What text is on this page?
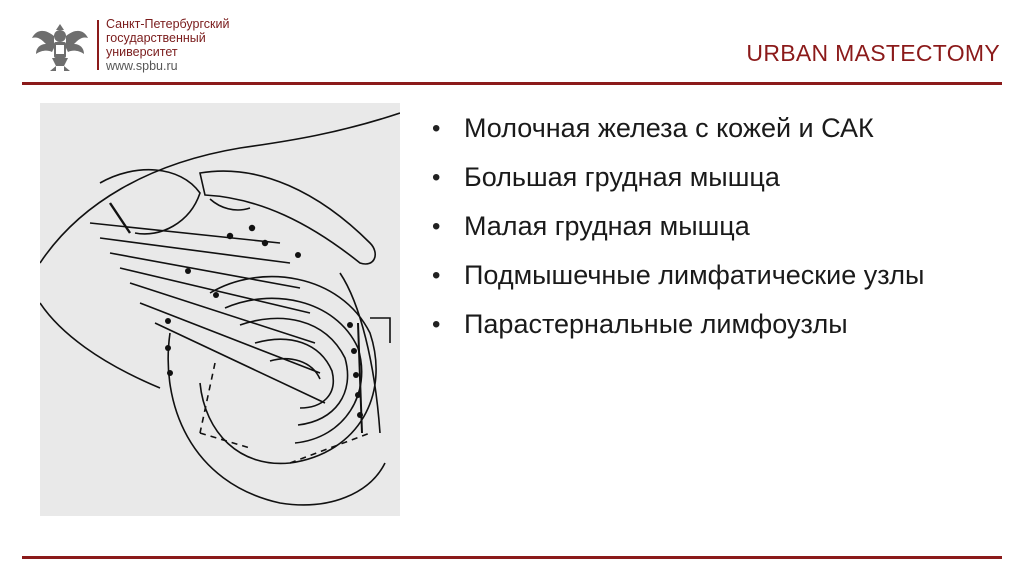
Санкт-Петербургский
государственный
университет
www.spbu.ru	URBAN MASTECTOMY
• Молочная железа с кожей и САК
• Большая грудная мышца
• Малая грудная мышца
• Подмышечные лимфатические узлы
• Парастернальные лимфоузлы
